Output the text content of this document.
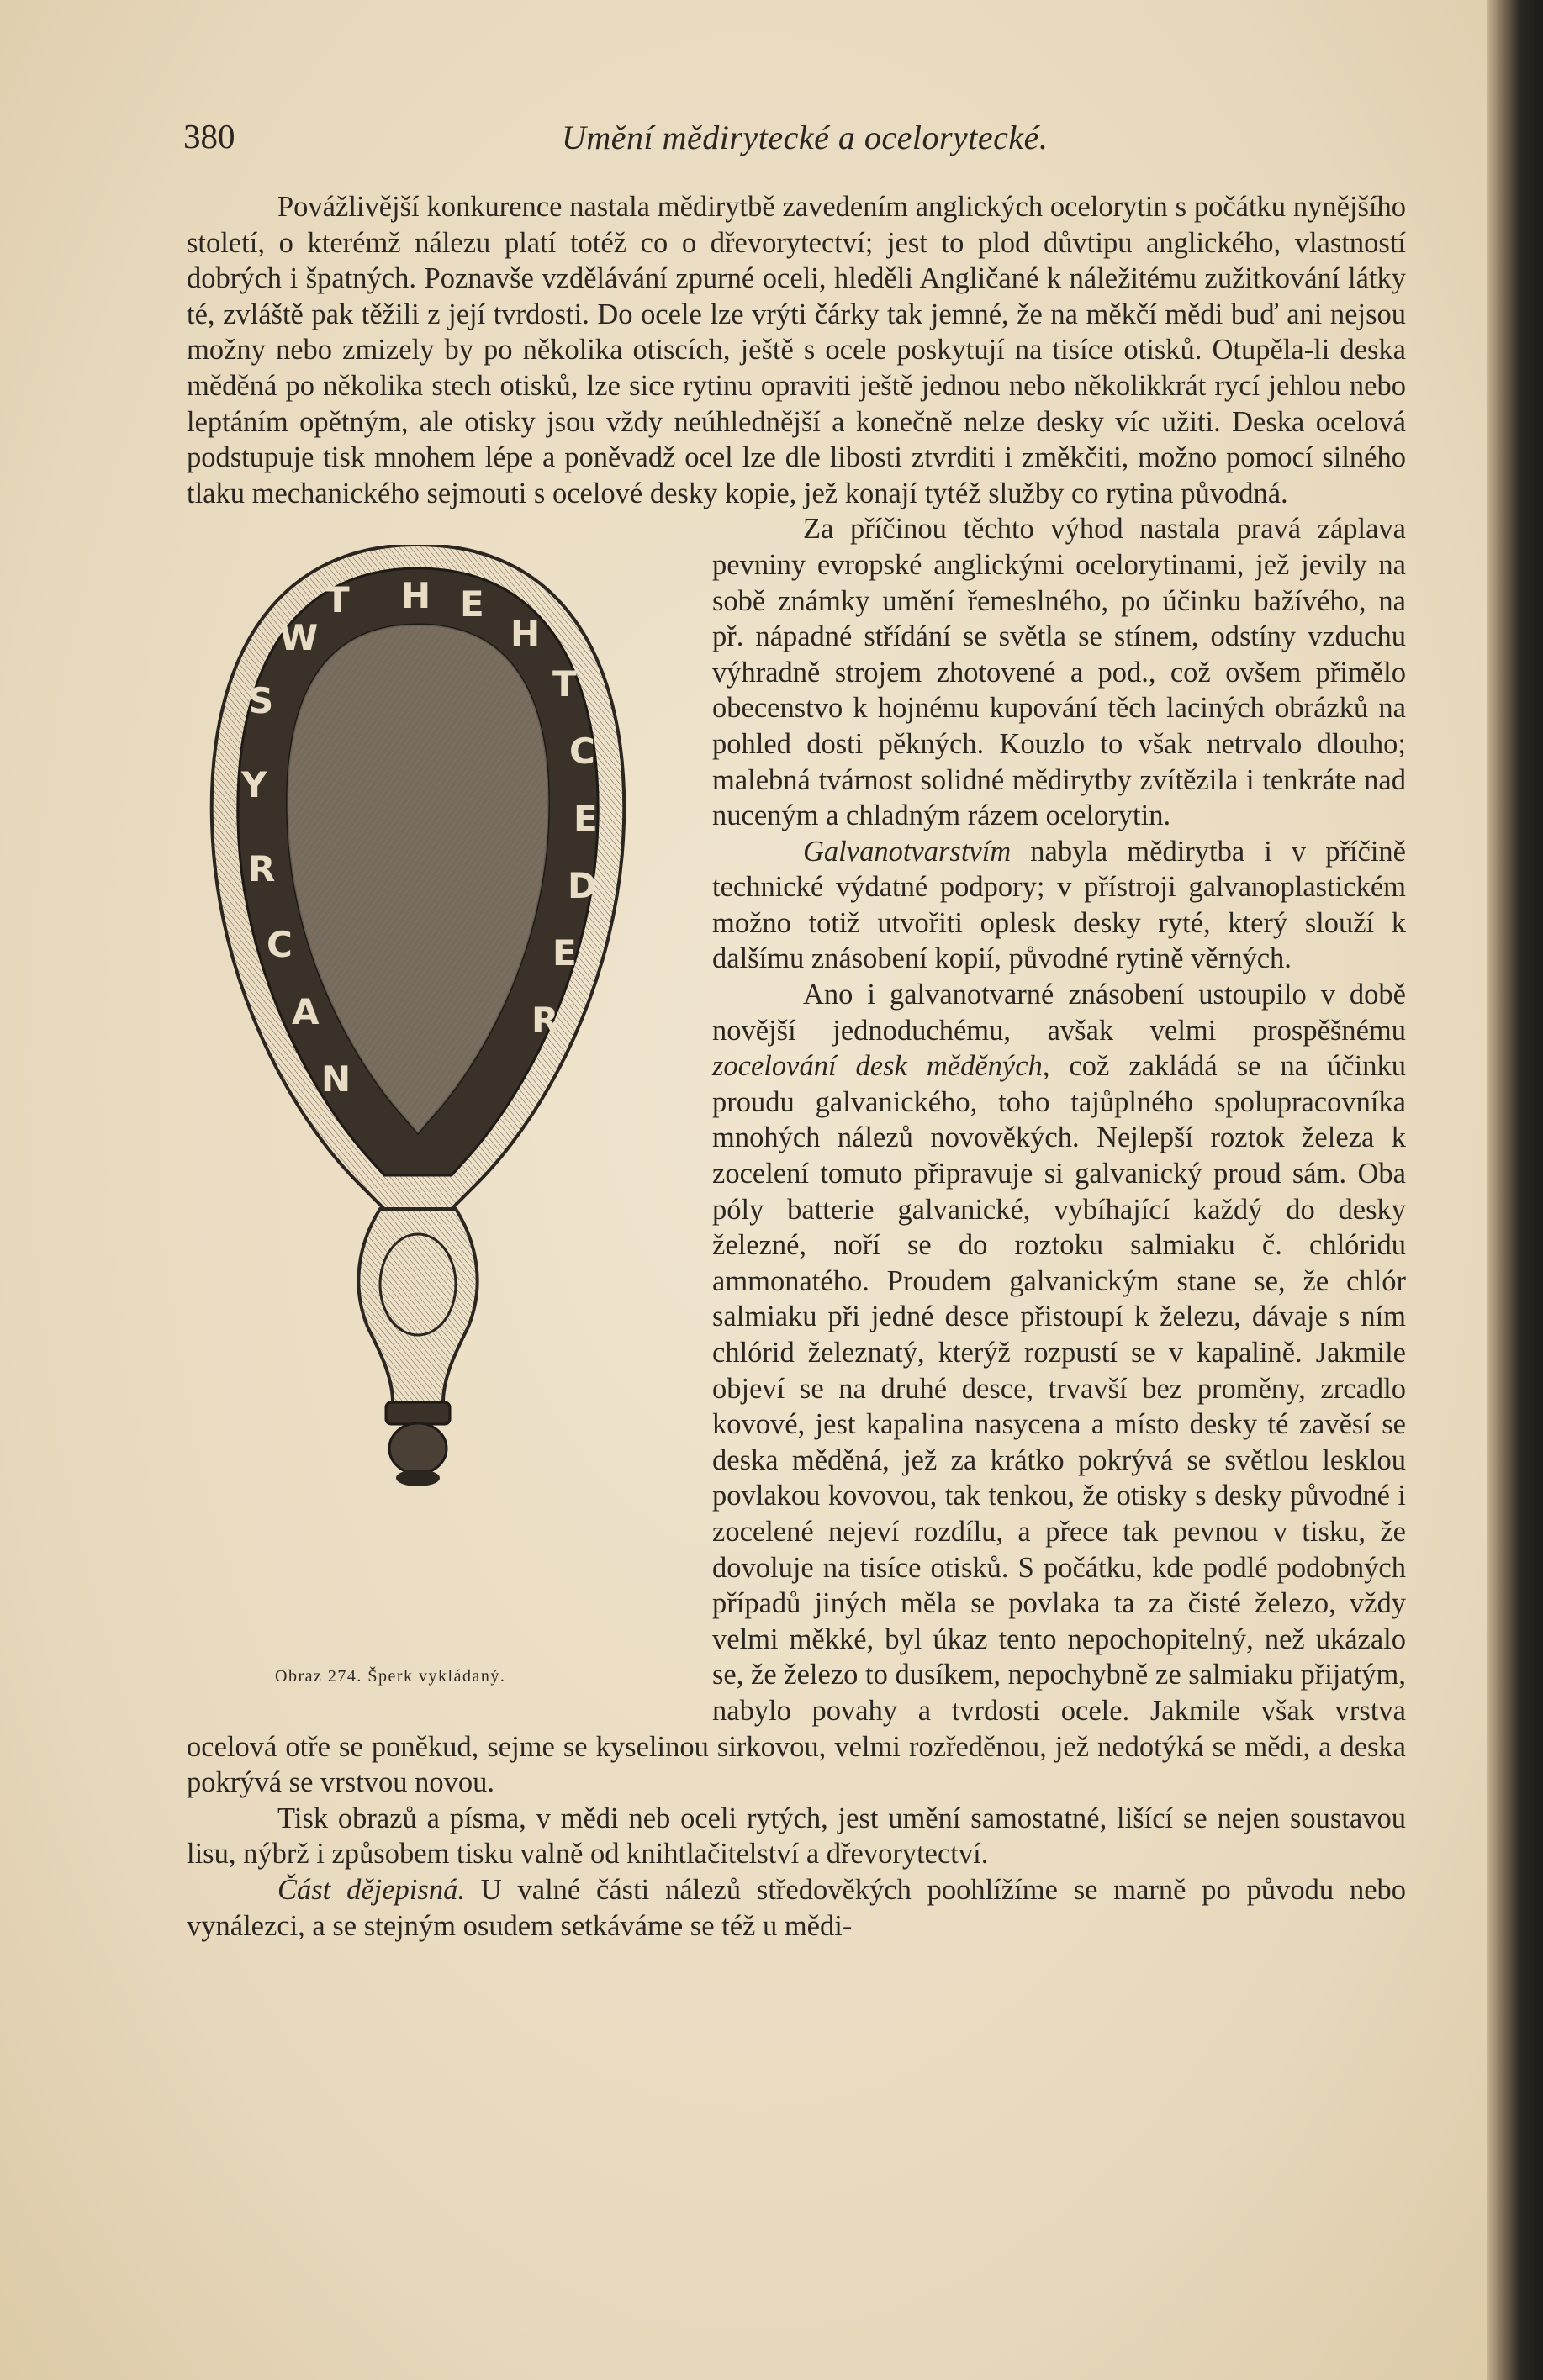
380	Umění mědirytecké a ocelorytecké.

Povážlivější konkurence nastala mědirytbě zavedením anglických ocelorytin s počátku nynějšího století, o kterémž nálezu platí totéž co o dřevorytectví; jest to plod důvtipu anglického, vlastností dobrých i špatných. Poznavše vzdělávání zpurné oceli, hleděli Angličané k náležitému zužitkování látky té, zvláště pak těžili z její tvrdosti. Do ocele lze vrýti čárky tak jemné, že na měkčí mědi buď ani nejsou možny nebo zmizely by po několika otiscích, ještě s ocele poskytují na tisíce otisků. Otupěla-li deska měděná po několika stech otisků, lze sice rytinu opraviti ještě jednou nebo několikkrát rycí jehlou nebo leptáním opětným, ale otisky jsou vždy neúhlednější a konečně nelze desky víc užiti. Deska ocelová podstupuje tisk mnohem lépe a poněvadž ocel lze dle libosti ztvrditi i změkčiti, možno pomocí silného tlaku mechanického sejmouti s ocelové desky kopie, jež konají tytéž služby co rytina původná.

H E
H
T
C
E
D
E
R
T
W
S
Y
R
C
A
N
Obraz 274. Šperk vykládaný.

Za příčinou těchto výhod nastala pravá záplava pevniny evropské anglickými ocelorytinami, jež jevily na sobě známky umění řemeslného, po účinku bažívého, na př. nápadné střídání se světla se stínem, odstíny vzduchu výhradně strojem zhotovené a pod., což ovšem přimělo obecenstvo k hojnému kupování těch laciných obrázků na pohled dosti pěkných. Kouzlo to však netrvalo dlouho; malebná tvárnost solidné mědirytby zvítězila i tenkráte nad nuceným a chladným rázem ocelorytin.

Galvanotvarstvím nabyla mědirytba i v příčině technické výdatné podpory; v přístroji galvanoplastickém možno totiž utvořiti oplesk desky ryté, který slouží k dalšímu znásobení kopií, původné rytině věrných.

Ano i galvanotvarné znásobení ustoupilo v době novější jednoduchému, avšak velmi prospěšnému zocelování desk měděných, což zakládá se na účinku proudu galvanického, toho tajůplného spolupracovníka mnohých nálezů novověkých. Nejlepší roztok železa k zocelení tomuto připravuje si galvanický proud sám. Oba póly batterie galvanické, vybíhající každý do desky železné, noří se do roztoku salmiaku č. chlóridu ammonatého. Proudem galvanickým stane se, že chlór salmiaku při jedné desce přistoupí k železu, dávaje s ním chlórid železnatý, kterýž rozpustí se v kapalině. Jakmile objeví se na druhé desce, trvavší bez proměny, zrcadlo kovové, jest kapalina nasycena a místo desky té zavěsí se deska měděná, jež za krátko pokrývá se světlou lesklou povlakou kovovou, tak tenkou, že otisky s desky původné i zocelené nejeví rozdílu, a přece tak pevnou v tisku, že dovoluje na tisíce otisků. S počátku, kde podlé podobných případů jiných měla se povlaka ta za čisté železo, vždy velmi měkké, byl úkaz tento nepochopitelný, než ukázalo se, že železo to dusíkem, nepochybně ze salmiaku přijatým, nabylo povahy a tvrdosti ocele. Jakmile však vrstva ocelová otře se poněkud, sejme se kyselinou sirkovou, velmi rozředěnou, jež nedotýká se mědi, a deska pokrývá se vrstvou novou.

Tisk obrazů a písma, v mědi neb oceli rytých, jest umění samostatné, lišící se nejen soustavou lisu, nýbrž i způsobem tisku valně od knihtlačitelství a dřevorytectví.

Část dějepisná. U valné části nálezů středověkých poohlížíme se marně po původu nebo vynálezci, a se stejným osudem setkáváme se též u mědi-
